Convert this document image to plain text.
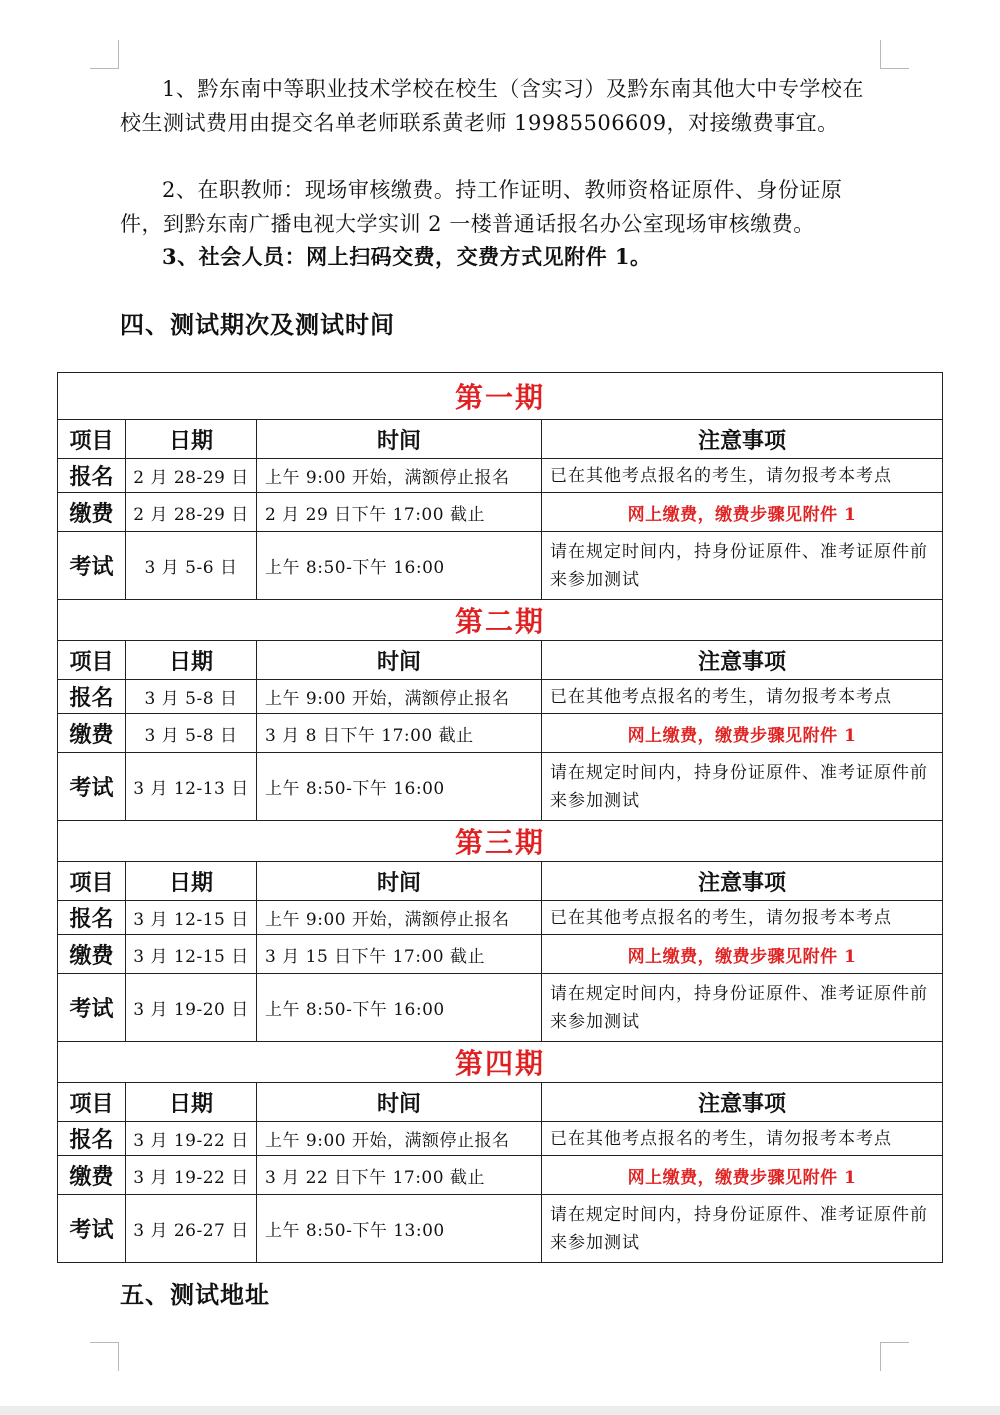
1、黔东南中等职业技术学校在校生（含实习）及黔东南其他大中专学校在校生测试费用由提交名单老师联系黄老师 19985506609，对接缴费事宜。
2、在职教师：现场审核缴费。持工作证明、教师资格证原件、身份证原件，到黔东南广播电视大学实训 2 一楼普通话报名办公室现场审核缴费。
3、社会人员：网上扫码交费，交费方式见附件 1。
四、测试期次及测试时间
第一期			
项目	日期	时间	注意事项
报名	2 月 28-29 日	上午 9:00 开始，满额停止报名	已在其他考点报名的考生，请勿报考本考点
缴费	2 月 28-29 日	2 月 29 日下午 17:00 截止	网上缴费，缴费步骤见附件 1
考试	3 月 5-6 日	上午 8:50-下午 16:00	请在规定时间内，持身份证原件、准考证原件前来参加测试
第二期			
项目	日期	时间	注意事项
报名	3 月 5-8 日	上午 9:00 开始，满额停止报名	已在其他考点报名的考生，请勿报考本考点
缴费	3 月 5-8 日	3 月 8 日下午 17:00 截止	网上缴费，缴费步骤见附件 1
考试	3 月 12-13 日	上午 8:50-下午 16:00	请在规定时间内，持身份证原件、准考证原件前来参加测试
第三期			
项目	日期	时间	注意事项
报名	3 月 12-15 日	上午 9:00 开始，满额停止报名	已在其他考点报名的考生，请勿报考本考点
缴费	3 月 12-15 日	3 月 15 日下午 17:00 截止	网上缴费，缴费步骤见附件 1
考试	3 月 19-20 日	上午 8:50-下午 16:00	请在规定时间内，持身份证原件、准考证原件前来参加测试
第四期			
项目	日期	时间	注意事项
报名	3 月 19-22 日	上午 9:00 开始，满额停止报名	已在其他考点报名的考生，请勿报考本考点
缴费	3 月 19-22 日	3 月 22 日下午 17:00 截止	网上缴费，缴费步骤见附件 1
考试	3 月 26-27 日	上午 8:50-下午 13:00	请在规定时间内，持身份证原件、准考证原件前来参加测试
五、测试地址
